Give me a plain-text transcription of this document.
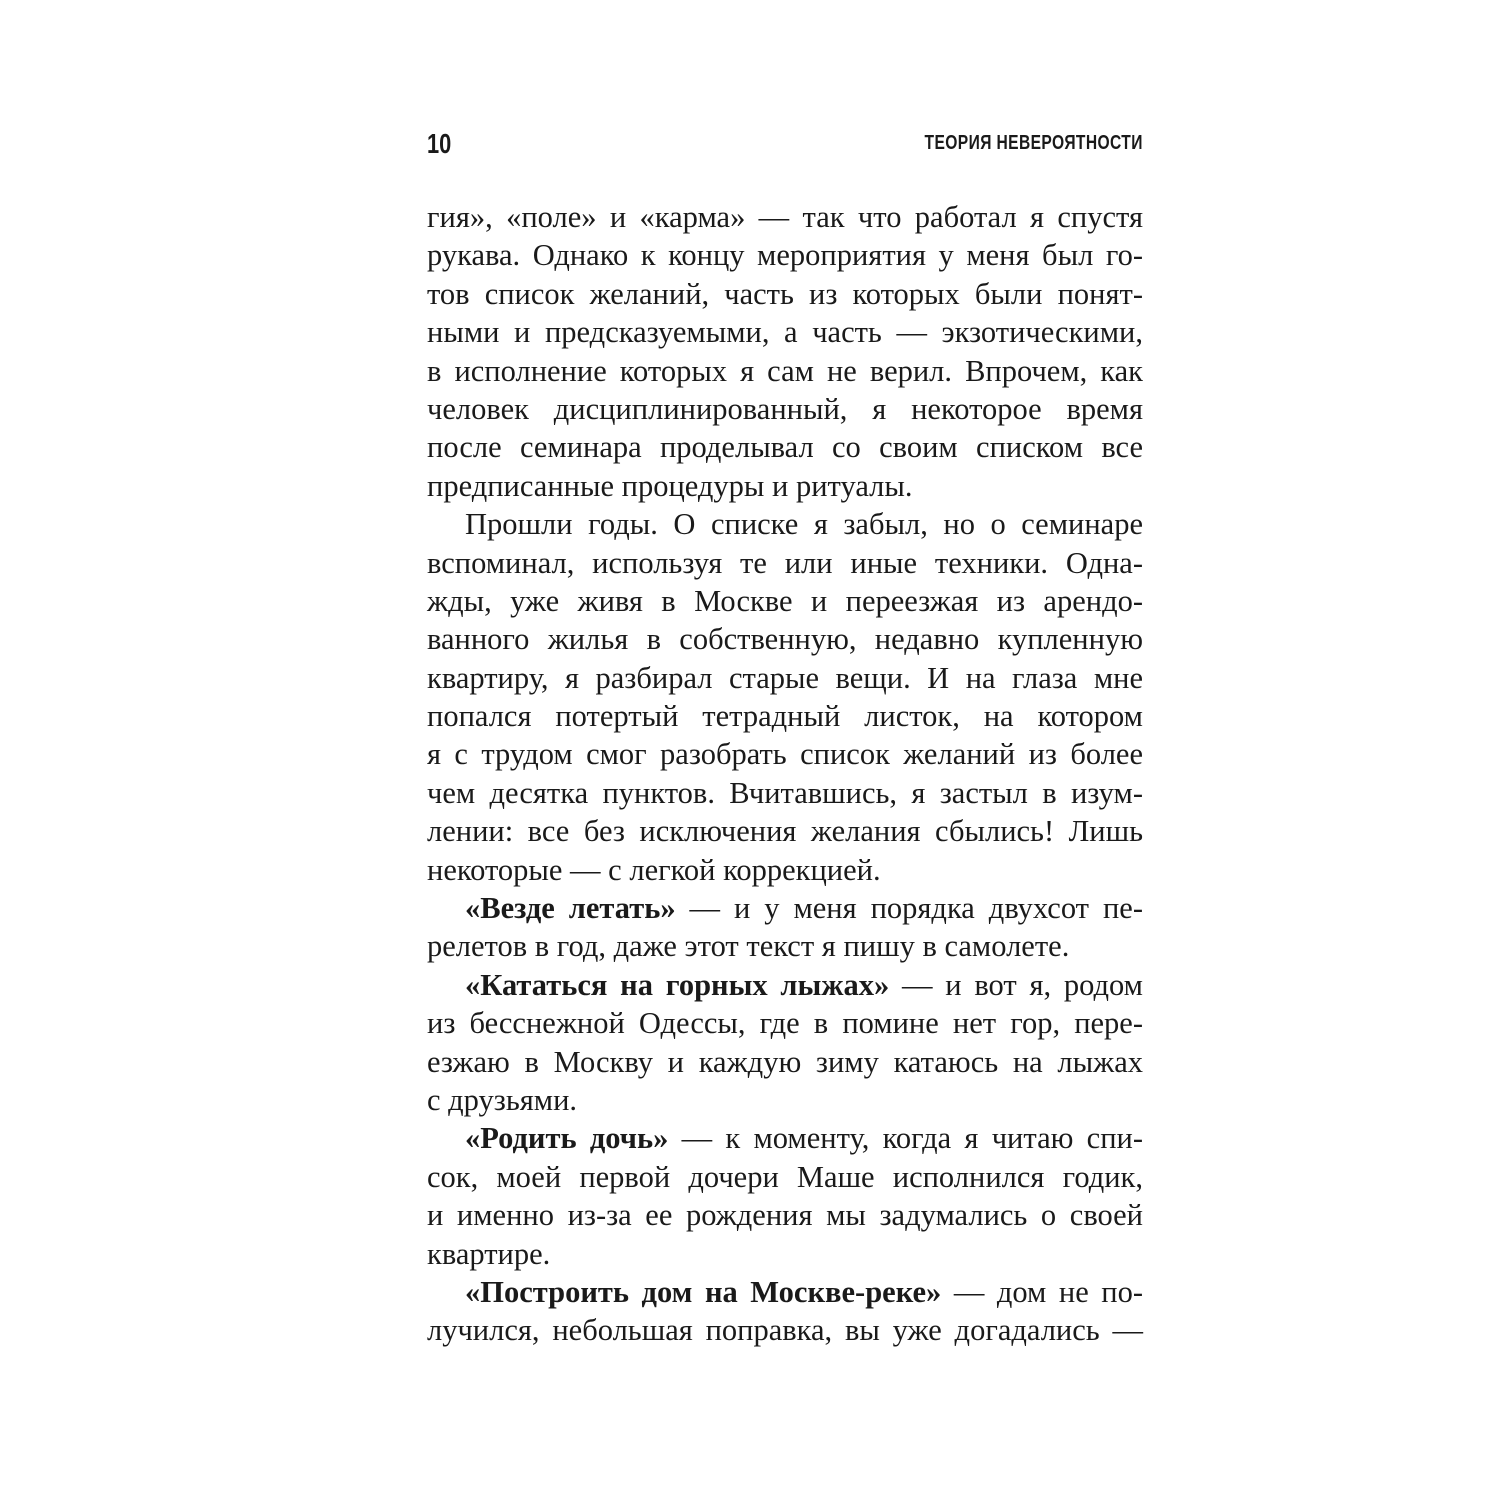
10	ТЕОРИЯ НЕВЕРОЯТНОСТИ
гия», «поле» и «карма» — так что работал я спустя
рукава. Однако к концу мероприятия у меня был го-
тов список желаний, часть из которых были понят-
ными и предсказуемыми, а часть — экзотическими,
в исполнение которых я сам не верил. Впрочем, как
человек дисциплинированный, я некоторое время
после семинара проделывал со своим списком все
предписанные процедуры и ритуалы.
Прошли годы. О списке я забыл, но о семинаре
вспоминал, используя те или иные техники. Одна-
жды, уже живя в Москве и переезжая из арендо-
ванного жилья в собственную, недавно купленную
квартиру, я разбирал старые вещи. И на глаза мне
попался потертый тетрадный листок, на котором
я с трудом смог разобрать список желаний из более
чем десятка пунктов. Вчитавшись, я застыл в изум-
лении: все без исключения желания сбылись! Лишь
некоторые — с легкой коррекцией.
«Везде летать» — и у меня порядка двухсот пе-
релетов в год, даже этот текст я пишу в самолете.
«Кататься на горных лыжах» — и вот я, родом
из бесснежной Одессы, где в помине нет гор, пере-
езжаю в Москву и каждую зиму катаюсь на лыжах
с друзьями.
«Родить дочь» — к моменту, когда я читаю спи-
сок, моей первой дочери Маше исполнился годик,
и именно из-за ее рождения мы задумались о своей
квартире.
«Построить дом на Москве-реке» — дом не по-
лучился, небольшая поправка, вы уже догадались —
